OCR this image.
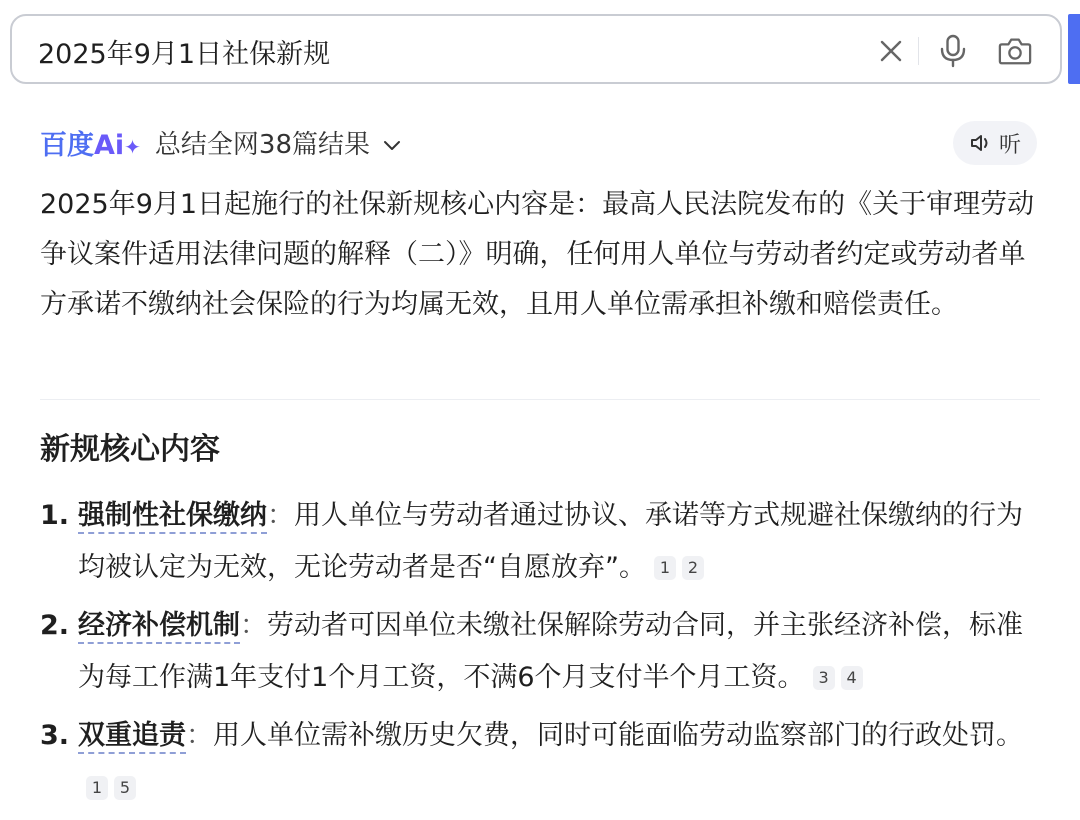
2025年9月1日社保新规
百度Ai✦ 总结全网38篇结果	听

2025年9月1日起施行的社保新规核心内容是：最高人民法院发布的《关于审理劳动争议案件适用法律问题的解释（二）》明确，任何用人单位与劳动者约定或劳动者单方承诺不缴纳社会保险的行为均属无效，且用人单位需承担补缴和赔偿责任。

新规核心内容
1. 强制性社保缴纳：用人单位与劳动者通过协议、承诺等方式规避社保缴纳的行为均被认定为无效，无论劳动者是否“自愿放弃”。 1 2
2. 经济补偿机制：劳动者可因单位未缴社保解除劳动合同，并主张经济补偿，标准为每工作满1年支付1个月工资，不满6个月支付半个月工资。 3 4
3. 双重追责：用人单位需补缴历史欠费，同时可能面临劳动监察部门的行政处罚。1 5
